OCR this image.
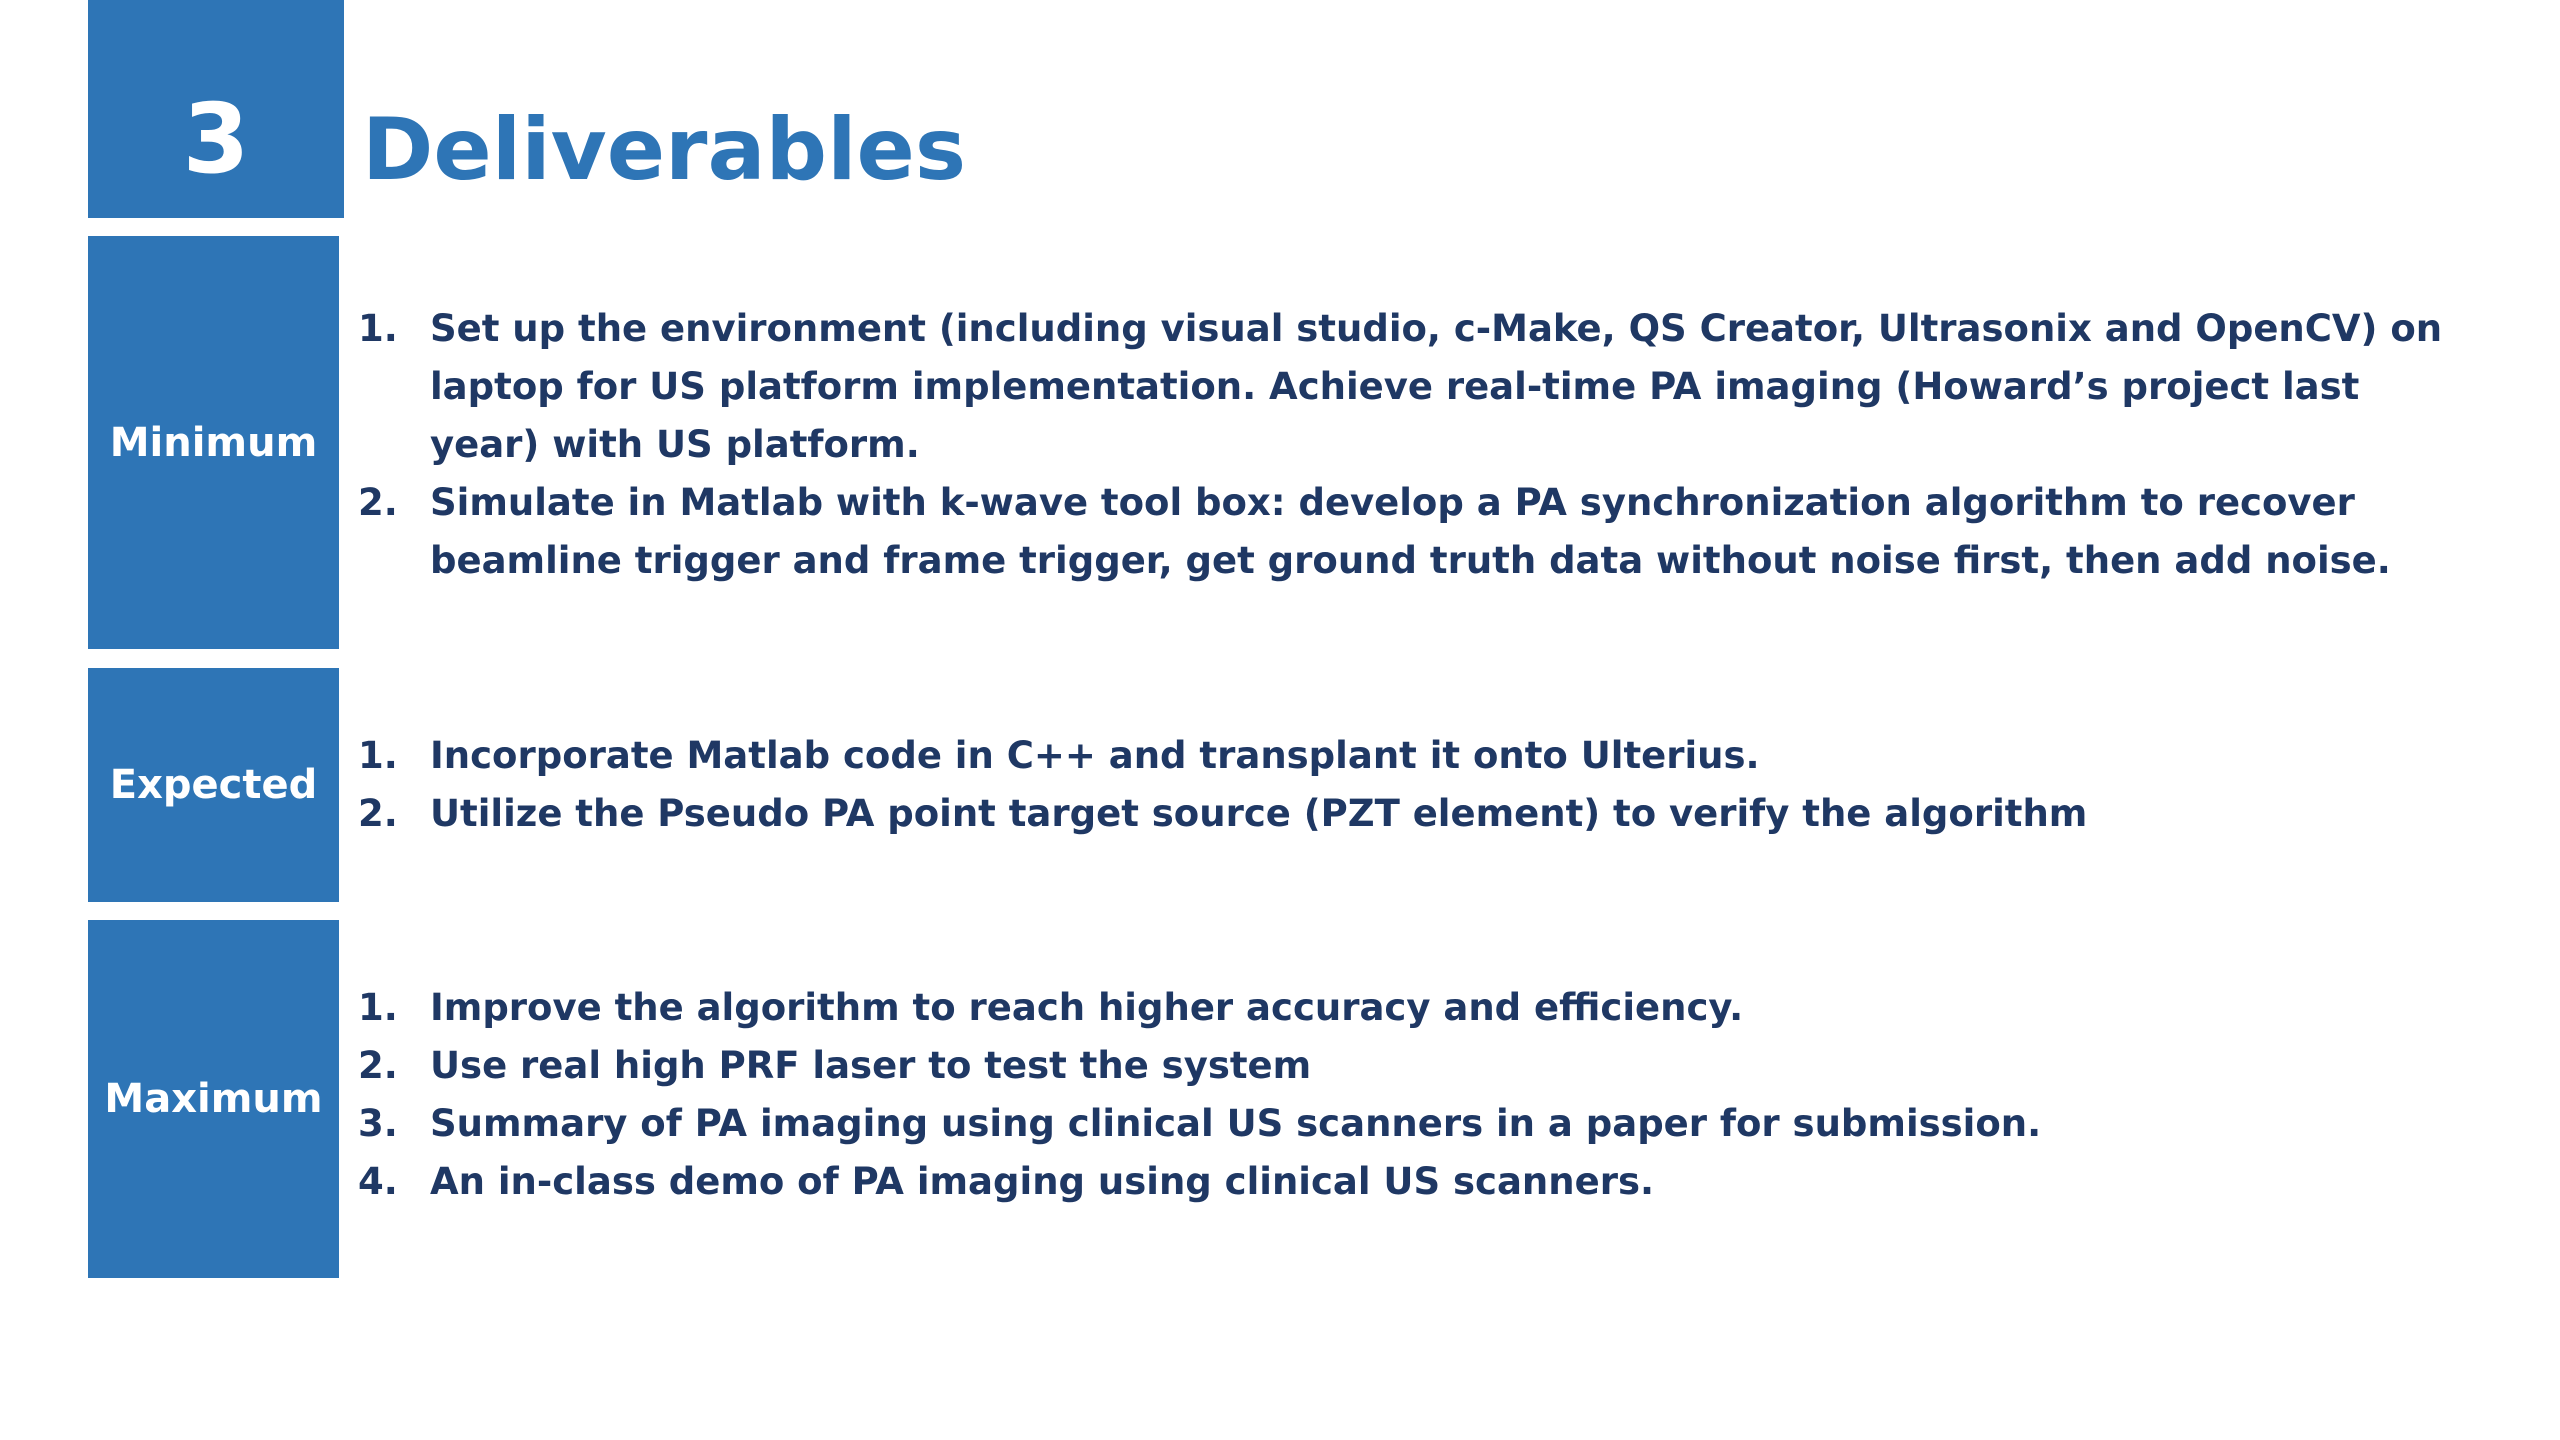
3 Deliverables
Minimum
1. Set up the environment (including visual studio, c-Make, QS Creator, Ultrasonix and OpenCV) on laptop for US platform implementation. Achieve real-time PA imaging (Howard’s project last year) with US platform.
2. Simulate in Matlab with k-wave tool box: develop a PA synchronization algorithm to recover beamline trigger and frame trigger, get ground truth data without noise first, then add noise.
Expected
1. Incorporate Matlab code in C++ and transplant it onto Ulterius.
2. Utilize the Pseudo PA point target source (PZT element) to verify the algorithm
Maximum
1. Improve the algorithm to reach higher accuracy and efficiency.
2. Use real high PRF laser to test the system
3. Summary of PA imaging using clinical US scanners in a paper for submission.
4. An in-class demo of PA imaging using clinical US scanners.
